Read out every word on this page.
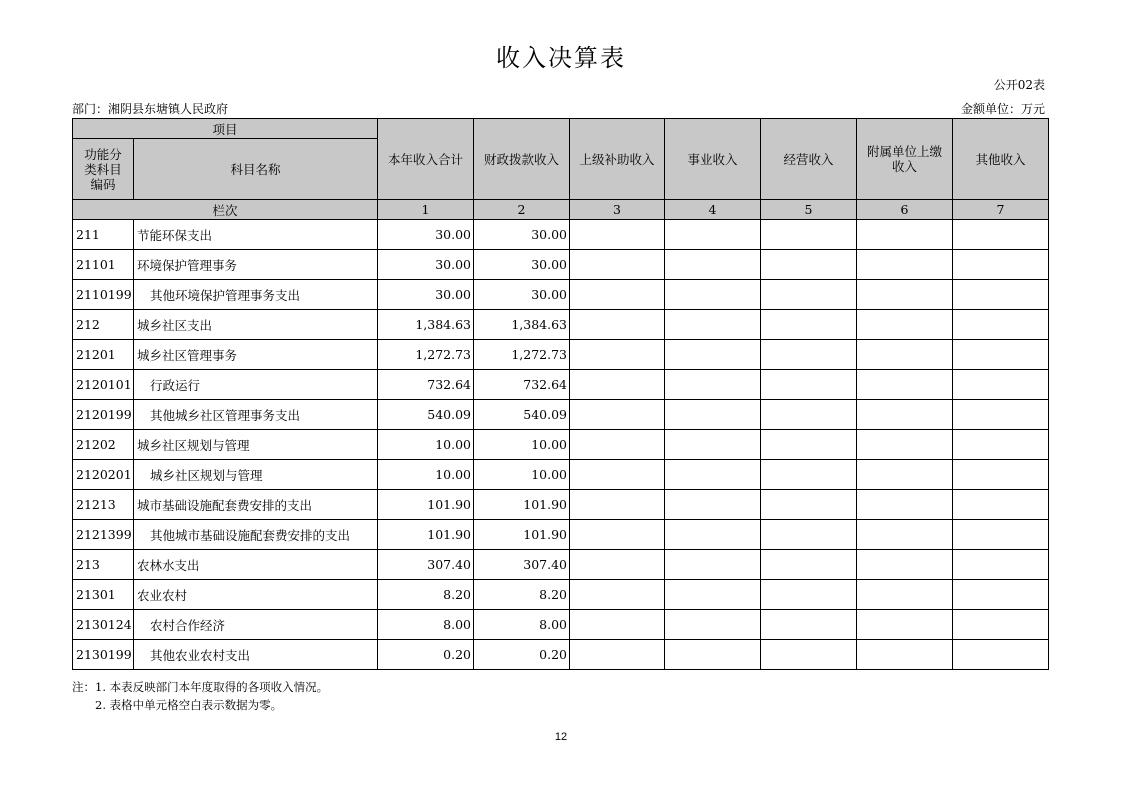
收入决算表
公开02表
部门：湘阴县东塘镇人民政府	金额单位：万元
项目		本年收入合计	财政拨款收入	上级补助收入	事业收入	经营收入	附属单位上缴收入	其他收入
功能分类科目编码	科目名称							
栏次		1	2	3	4	5	6	7
211	节能环保支出	30.00	30.00					
21101	环境保护管理事务	30.00	30.00					
2110199	其他环境保护管理事务支出	30.00	30.00					
212	城乡社区支出	1,384.63	1,384.63					
21201	城乡社区管理事务	1,272.73	1,272.73					
2120101	行政运行	732.64	732.64					
2120199	其他城乡社区管理事务支出	540.09	540.09					
21202	城乡社区规划与管理	10.00	10.00					
2120201	城乡社区规划与管理	10.00	10.00					
21213	城市基础设施配套费安排的支出	101.90	101.90					
2121399	其他城市基础设施配套费安排的支出	101.90	101.90					
213	农林水支出	307.40	307.40					
21301	农业农村	8.20	8.20					
2130124	农村合作经济	8.00	8.00					
2130199	其他农业农村支出	0.20	0.20					
注：1. 本表反映部门本年度取得的各项收入情况。
2. 表格中单元格空白表示数据为零。
12
